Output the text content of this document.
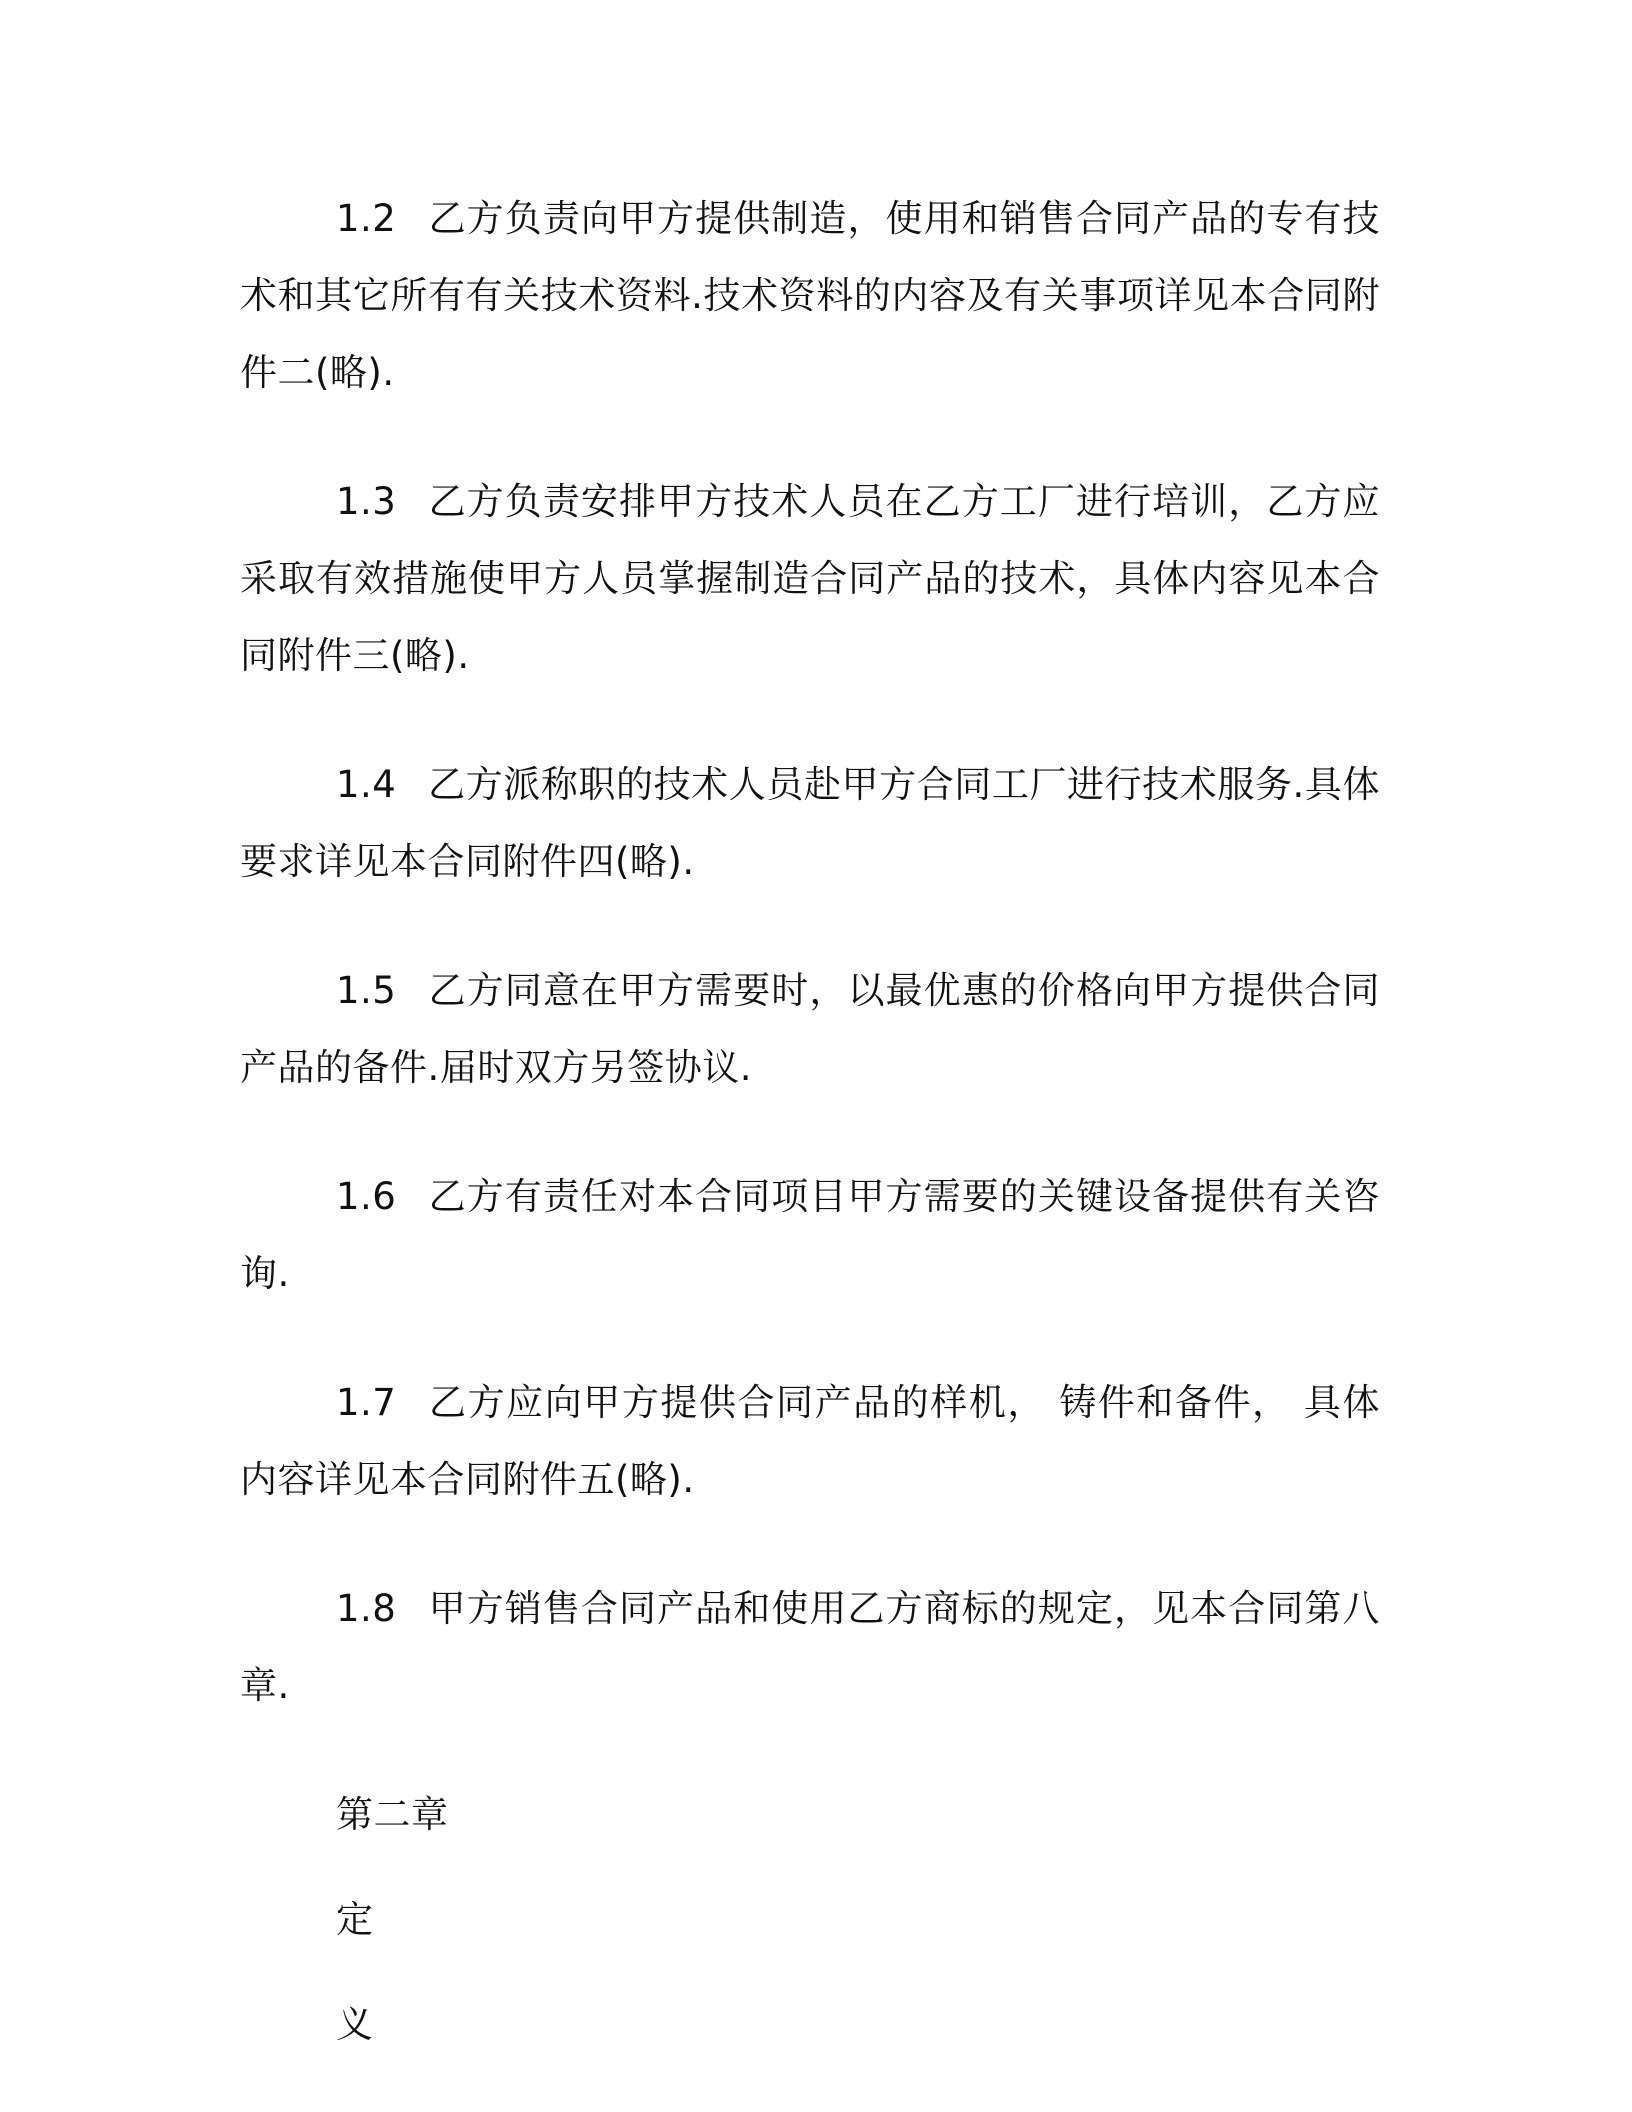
1.2 乙方负责向甲方提供制造，使用和销售合同产品的专有技术和其它所有有关技术资料.技术资料的内容及有关事项详见本合同附件二(略).

1.3 乙方负责安排甲方技术人员在乙方工厂进行培训，乙方应采取有效措施使甲方人员掌握制造合同产品的技术，具体内容见本合同附件三(略).

1.4 乙方派称职的技术人员赴甲方合同工厂进行技术服务.具体要求详见本合同附件四(略).

1.5 乙方同意在甲方需要时，以最优惠的价格向甲方提供合同产品的备件.届时双方另签协议.

1.6 乙方有责任对本合同项目甲方需要的关键设备提供有关咨询.

1.7 乙方应向甲方提供合同产品的样机， 铸件和备件， 具体内容详见本合同附件五(略).

1.8 甲方销售合同产品和使用乙方商标的规定，见本合同第八章.

第二章
定
义
